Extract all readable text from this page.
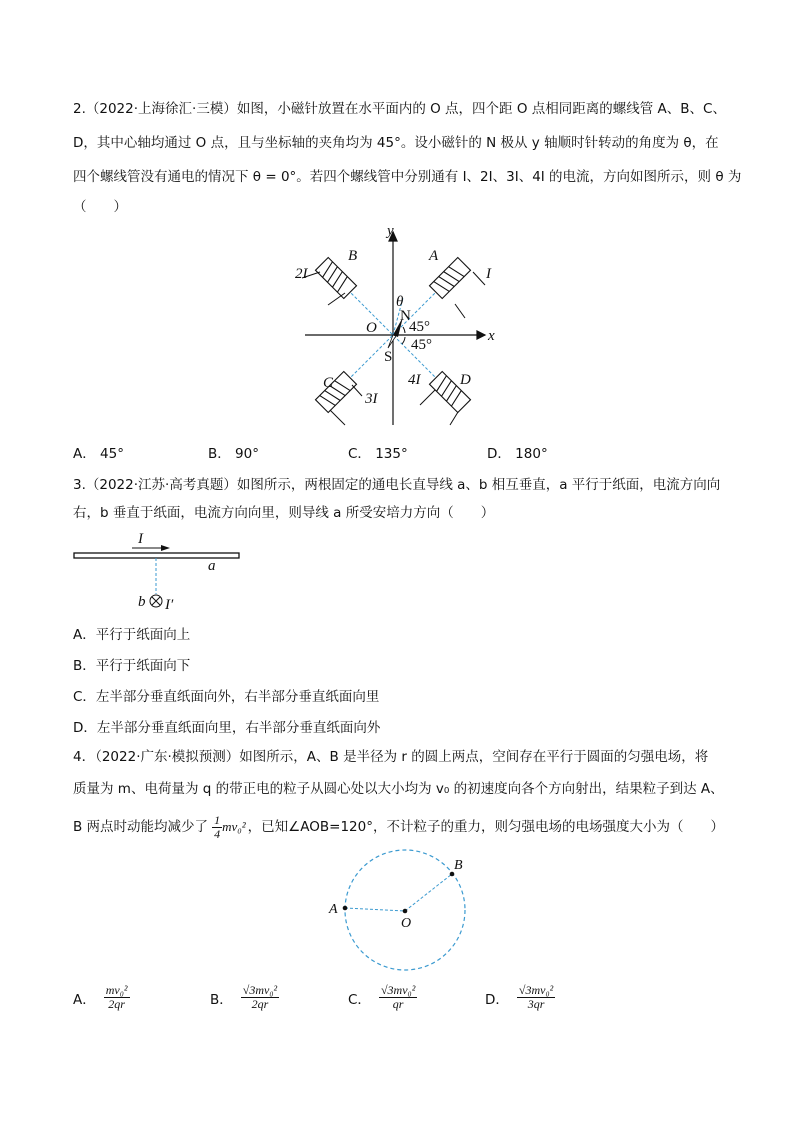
2.（2022·上海徐汇·三模）如图，小磁针放置在水平面内的 O 点，四个距 O 点相同距离的螺线管 A、B、C、
D，其中心轴均通过 O 点，且与坐标轴的夹角均为 45°。设小磁针的 N 极从 y 轴顺时针转动的角度为 θ，在
四个螺线管没有通电的情况下 θ = 0°。若四个螺线管中分别通有 I、2I、3I、4I 的电流，方向如图所示，则 θ 为
（　　）
y
x
O
θ
B	A
C	D
2I	I
3I
4I
N
S
45°
45°
A． 45°	B． 90°	C． 135°	D． 180°
3.（2022·江苏·高考真题）如图所示，两根固定的通电长直导线 a、b 相互垂直，a 平行于纸面，电流方向向
右，b 垂直于纸面，电流方向向里，则导线 a 所受安培力方向（　　）
I
a
b I′
A．平行于纸面向上
B．平行于纸面向下
C．左半部分垂直纸面向外，右半部分垂直纸面向里
D．左半部分垂直纸面向里，右半部分垂直纸面向外
4．（2022·广东·模拟预测）如图所示，A、B 是半径为 r 的圆上两点，空间存在平行于圆面的匀强电场，将
质量为 m、电荷量为 q 的带正电的粒子从圆心处以大小均为 v₀ 的初速度向各个方向射出，结果粒子到达 A、
B 两点时动能均减少了 $\frac{1}{4} mv_0^2$ ，已知∠AOB=120°，不计粒子的重力，则匀强电场的电场强度大小为（　　）
A
B
O
A． $\frac{\text{mv₀²}}{2qr}$	B． $\frac{\text{√3mv₀²}}{2qr}$	C． $\frac{\text{√3mv₀²}}{qr}$	D． $\frac{\text{√3mv₀²}}{3qr}$
